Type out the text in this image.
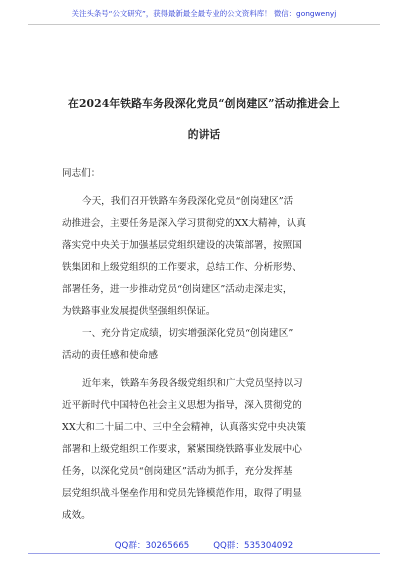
关注头条号“公文研究”，获得最新最全最专业的公文资料库！ 微信：gongwenyj
在2024年铁路车务段深化党员“创岗建区”活动推进会上
的讲话
同志们：
今天，我们召开铁路车务段深化党员“创岗建区”活
动推进会，主要任务是深入学习贯彻党的XX大精神，认真
落实党中央关于加强基层党组织建设的决策部署，按照国
铁集团和上级党组织的工作要求，总结工作、分析形势、
部署任务，进一步推动党员“创岗建区”活动走深走实，
为铁路事业发展提供坚强组织保证。
一、充分肯定成绩，切实增强深化党员“创岗建区”
活动的责任感和使命感
近年来，铁路车务段各级党组织和广大党员坚持以习
近平新时代中国特色社会主义思想为指导，深入贯彻党的
XX大和二十届二中、三中全会精神，认真落实党中央决策
部署和上级党组织工作要求，紧紧围绕铁路事业发展中心
任务，以深化党员“创岗建区”活动为抓手，充分发挥基
层党组织战斗堡垒作用和党员先锋模范作用，取得了明显
成效。
QQ群：30265665	QQ群：535304092
